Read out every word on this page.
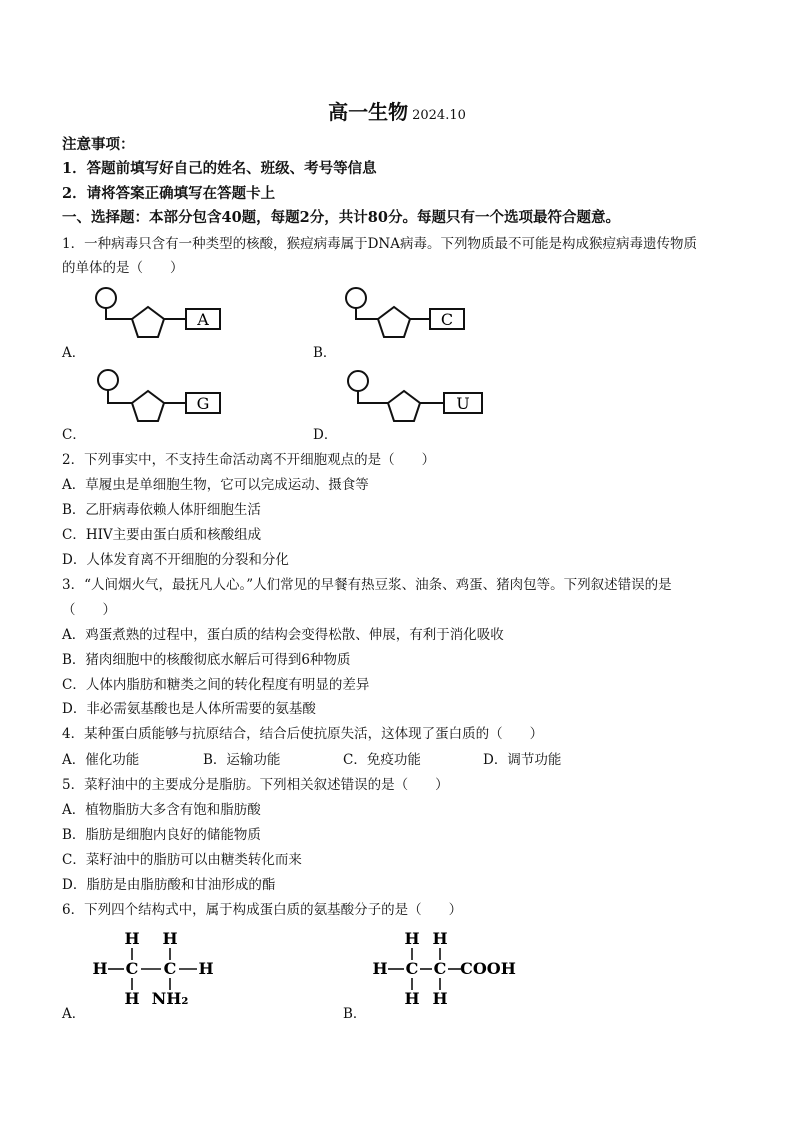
高一生物 2024.10
注意事项：
1．答题前填写好自己的姓名、班级、考号等信息
2．请将答案正确填写在答题卡上
一、选择题：本部分包含40题，每题2分，共计80分。每题只有一个选项最符合题意。
1．一种病毒只含有一种类型的核酸，猴痘病毒属于DNA病毒。下列物质最不可能是构成猴痘病毒遗传物质
的单体的是（　　）
A．
A
B．
C
C．
G
D．
U
2．下列事实中，不支持生命活动离不开细胞观点的是（　　）
A．草履虫是单细胞生物，它可以完成运动、摄食等
B．乙肝病毒依赖人体肝细胞生活
C．HIV主要由蛋白质和核酸组成
D．人体发育离不开细胞的分裂和分化
3．“人间烟火气，最抚凡人心。”人们常见的早餐有热豆浆、油条、鸡蛋、猪肉包等。下列叙述错误的是
（　　）
A．鸡蛋煮熟的过程中，蛋白质的结构会变得松散、伸展，有利于消化吸收
B．猪肉细胞中的核酸彻底水解后可得到6种物质
C．人体内脂肪和糖类之间的转化程度有明显的差异
D．非必需氨基酸也是人体所需要的氨基酸
4．某种蛋白质能够与抗原结合，结合后使抗原失活，这体现了蛋白质的（　　）
A．催化功能	B．运输功能	C．免疫功能	D．调节功能
5．菜籽油中的主要成分是脂肪。下列相关叙述错误的是（　　）
A．植物脂肪大多含有饱和脂肪酸
B．脂肪是细胞内良好的储能物质
C．菜籽油中的脂肪可以由糖类转化而来
D．脂肪是由脂肪酸和甘油形成的酯
6．下列四个结构式中，属于构成蛋白质的氨基酸分子的是（　　）
A．
H H
H C C H
H NH₂
B．
H H
H C C COOH
H H
